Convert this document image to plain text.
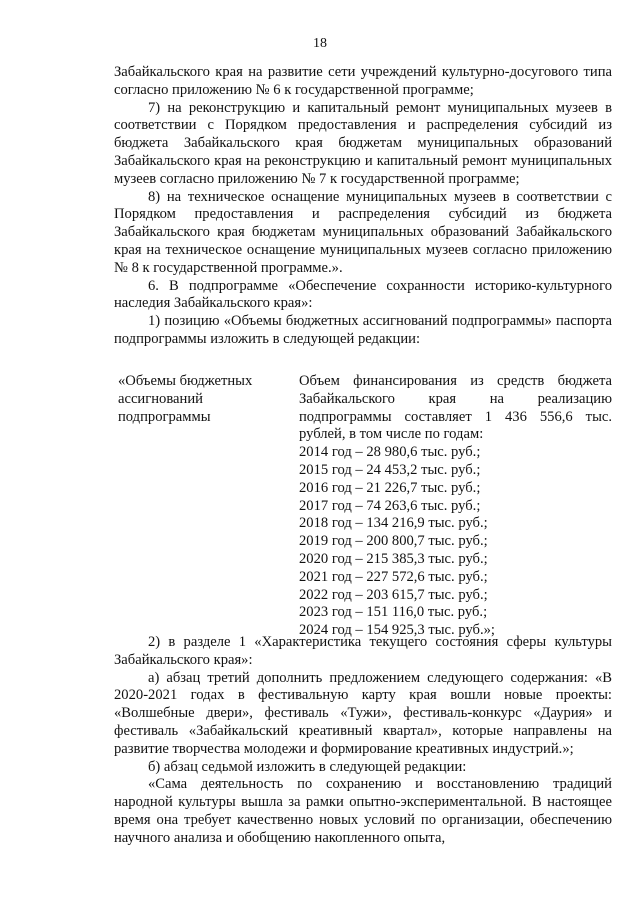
18

Забайкальского края на развитие сети учреждений культурно-досугового типа согласно приложению № 6 к государственной программе;

7) на реконструкцию и капитальный ремонт муниципальных музеев в соответствии с Порядком предоставления и распределения субсидий из бюджета Забайкальского края бюджетам муниципальных образований Забайкальского края на реконструкцию и капитальный ремонт муниципальных музеев согласно приложению № 7 к государственной программе;

8) на техническое оснащение муниципальных музеев в соответствии с Порядком предоставления и распределения субсидий из бюджета Забайкальского края бюджетам муниципальных образований Забайкальского края на техническое оснащение муниципальных музеев согласно приложению № 8 к государственной программе.».

6. В подпрограмме «Обеспечение сохранности историко-культурного наследия Забайкальского края»:

1) позицию «Объемы бюджетных ассигнований подпрограммы» паспорта подпрограммы изложить в следующей редакции:

«Объемы бюджетных
ассигнований
подпрограммы

Объем финансирования из средств бюджета Забайкальского края на реализацию подпрограммы составляет 1 436 556,6 тыс. рублей, в том числе по годам:

2014 год – 28 980,6 тыс. руб.;

2015 год – 24 453,2 тыс. руб.;

2016 год – 21 226,7 тыс. руб.;

2017 год – 74 263,6 тыс. руб.;

2018 год – 134 216,9 тыс. руб.;

2019 год – 200 800,7 тыс. руб.;

2020 год – 215 385,3 тыс. руб.;

2021 год – 227 572,6 тыс. руб.;

2022 год – 203 615,7 тыс. руб.;

2023 год – 151 116,0 тыс. руб.;

2024 год – 154 925,3 тыс. руб.»;

2) в разделе 1 «Характеристика текущего состояния сферы культуры Забайкальского края»:

а) абзац третий дополнить предложением следующего содержания: «В 2020-2021 годах в фестивальную карту края вошли новые проекты: «Волшебные двери», фестиваль «Тужи», фестиваль-конкурс «Даурия» и фестиваль «Забайкальский креативный квартал», которые направлены на развитие творчества молодежи и формирование креативных индустрий.»;

б) абзац седьмой изложить в следующей редакции:

«Сама деятельность по сохранению и восстановлению традиций народной культуры вышла за рамки опытно-экспериментальной. В настоящее время она требует качественно новых условий по организации, обеспечению научного анализа и обобщению накопленного опыта,
